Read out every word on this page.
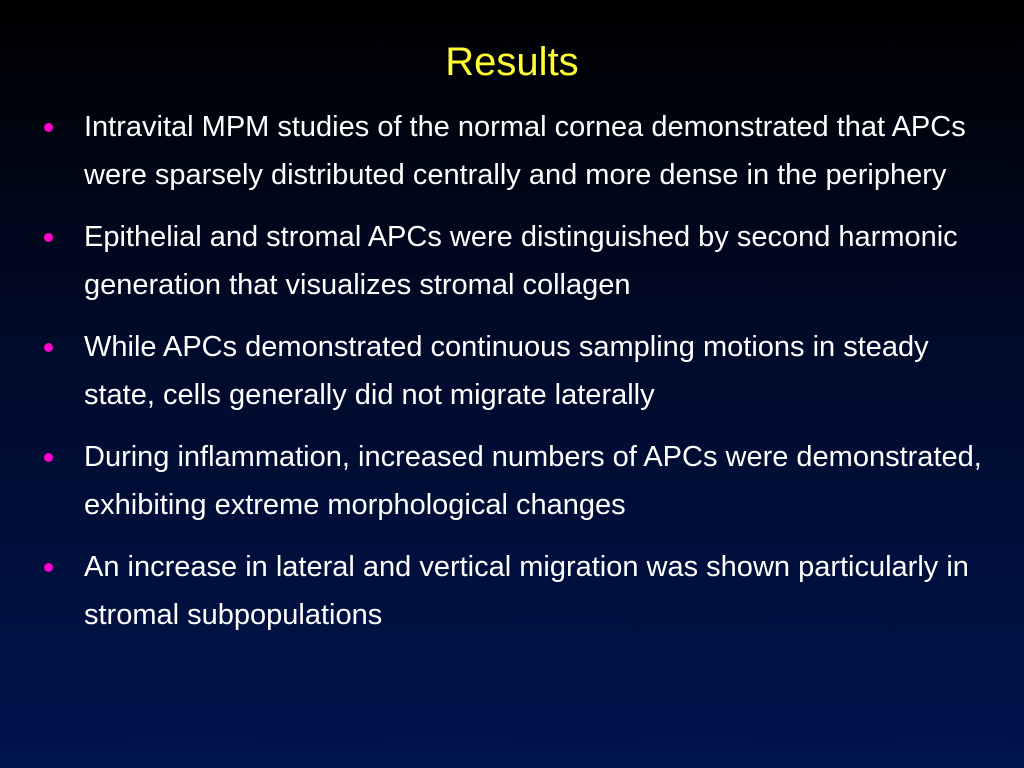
Results
Intravital MPM studies of the normal cornea demonstrated that APCs were sparsely distributed centrally and more dense in the periphery
Epithelial and stromal APCs were distinguished by second harmonic generation that visualizes stromal collagen
While APCs demonstrated continuous sampling motions in steady state, cells generally did not migrate laterally
During inflammation, increased numbers of APCs were demonstrated, exhibiting extreme morphological changes
An increase in lateral and vertical migration was shown particularly in stromal subpopulations
